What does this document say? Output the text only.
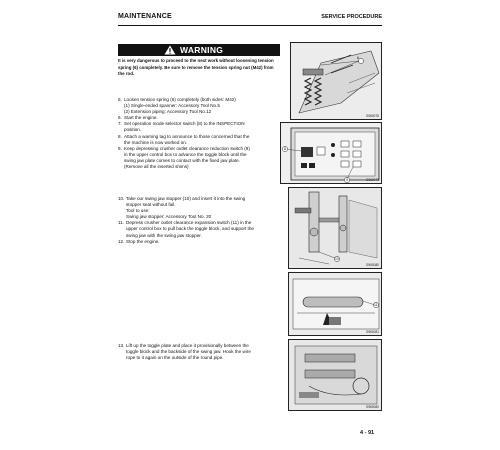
MAINTENANCE	SERVICE PROCEDURE
WARNING
It is very dangerous to proceed to the next work without loosening tension
spring (6) completely. Be sure to remove the tension spring nut (M42) from
the rod.
5. Loosen tension spring (6) completely (both sides: M42)
(1) Single-ended spanner: Accessory Tool No.5
(2) Extension piping: Accessory Tool No.12
6. Start the engine.
7. Set operation mode selector switch (8) to the INSPECTION
position.
8. Attach a warning tag to announce to those concerned that the
the machine is now worked on.
9. Keep depressing crusher outlet clearance reduction switch (9)
in the upper control box to advance the toggle block until the
swing jaw plate comes to contact with the fixed jaw plate.
(Remove all the inserted shims)
10. Take our swing jaw stopper (10) and insert it into the swing
stopper seat without fail.
Tool to use:
Swing jaw stopper: Accessory Tool No. 20
11. Depress crusher outlet clearance expansion switch (11) in the
upper control box to pull back the toggle block, and support the
swing jaw with the swing jaw stopper.
12. Stop the engine.
13. Lift up the toggle plate and place it provisionally between the
toggle block and the backside of the swing jaw. Hook the wire
rope to it again on the outside of the round pipe.
6
G960078
8
9	G960079
10
G960080
11
G960081
G960082
4 - 91
